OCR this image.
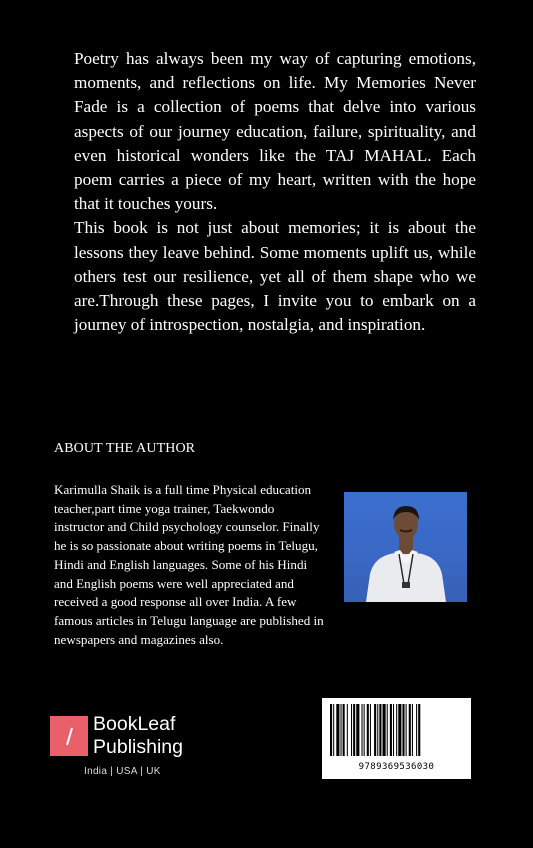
Poetry has always been my way of capturing emotions, moments, and reflections on life. My Memories Never Fade is a collection of poems that delve into various aspects of our journey education, failure, spirituality, and even historical wonders like the TAJ MAHAL. Each poem carries a piece of my heart, written with the hope that it touches yours.

This book is not just about memories; it is about the lessons they leave behind. Some moments uplift us, while others test our resilience, yet all of them shape who we are.Through these pages, I invite you to embark on a journey of introspection, nostalgia, and inspiration.

ABOUT THE AUTHOR
Karimulla Shaik is a full time Physical education teacher,part time yoga trainer, Taekwondo instructor and Child psychology counselor. Finally he is so passionate about writing poems in Telugu, Hindi and English languages. Some of his Hindi and English poems were well appreciated and received a good response all over India. A few famous articles in Telugu language are published in newspapers and magazines also.
BookLeaf
Publishing
India | USA | UK	9789369536030
